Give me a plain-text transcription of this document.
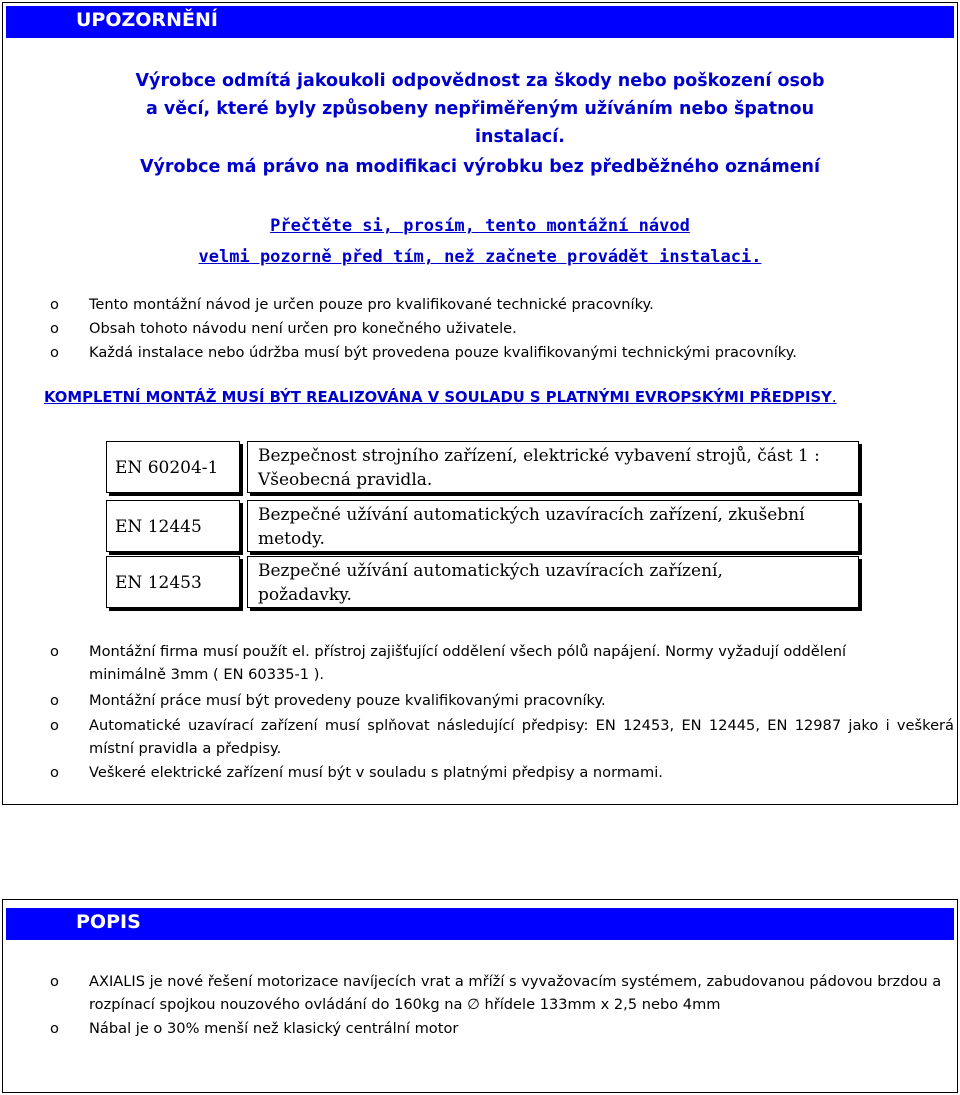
UPOZORNĚNÍ
Výrobce odmítá jakoukoli odpovědnost za škody nebo poškození osob
a věcí, které byly způsobeny nepřiměřeným užíváním nebo špatnou
instalací.
Výrobce má právo na modifikaci výrobku bez předběžného oznámení
Přečtěte si, prosím, tento montážní návod
velmi pozorně před tím, než začnete provádět instalaci.
o Tento montážní návod je určen pouze pro kvalifikované technické pracovníky.
o Obsah tohoto návodu není určen pro konečného uživatele.
o Každá instalace nebo údržba musí být provedena pouze kvalifikovanými technickými pracovníky.
KOMPLETNÍ MONTÁŽ MUSÍ BÝT REALIZOVÁNA V SOULADU S PLATNÝMI EVROPSKÝMI PŘEDPISY.
EN 60204-1
Bezpečnost strojního zařízení, elektrické vybavení strojů, část 1 :
Všeobecná pravidla.
EN 12445
Bezpečné užívání automatických uzavíracích zařízení, zkušební
metody.
EN 12453
Bezpečné užívání automatických uzavíracích zařízení,
požadavky.
o Montážní firma musí použít el. přístroj zajišťující oddělení všech pólů napájení. Normy vyžadují oddělení minimálně 3mm ( EN 60335-1 ).
o Montážní práce musí být provedeny pouze kvalifikovanými pracovníky.
o Automatické uzavírací zařízení musí splňovat následující předpisy: EN 12453, EN 12445, EN 12987 jako i veškerá místní pravidla a předpisy.
o Veškeré elektrické zařízení musí být v souladu s platnými předpisy a normami.
POPIS
o AXIALIS je nové řešení motorizace navíjecích vrat a mříží s vyvažovacím systémem, zabudovanou pádovou brzdou a rozpínací spojkou nouzového ovládání do 160kg na ∅ hřídele 133mm x 2,5 nebo 4mm
o Nábal je o 30% menší než klasický centrální motor
